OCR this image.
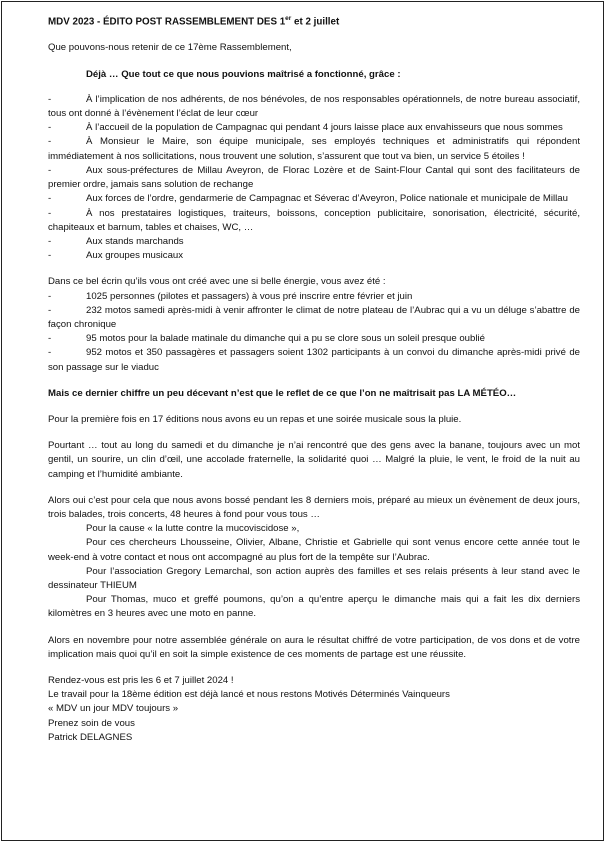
MDV 2023 - ÉDITO POST RASSEMBLEMENT DES 1er et 2 juillet

Que pouvons-nous retenir de ce 17ème Rassemblement,

Déjà … Que tout ce que nous pouvions maîtrisé a fonctionné, grâce :

-	À l’implication de nos adhérents, de nos bénévoles, de nos responsables opérationnels, de notre bureau associatif, tous ont donné à l’évènement l’éclat de leur cœur

-	À l’accueil de la population de Campagnac qui pendant 4 jours laisse place aux envahisseurs que nous sommes

-	À Monsieur le Maire, son équipe municipale, ses employés techniques et administratifs qui répondent immédiatement à nos sollicitations, nous trouvent une solution, s’assurent que tout va bien, un service 5 étoiles !

-	Aux sous-préfectures de Millau Aveyron, de Florac Lozère et de Saint-Flour Cantal qui sont des facilitateurs de premier ordre, jamais sans solution de rechange

-	Aux forces de l’ordre, gendarmerie de Campagnac et Séverac d’Aveyron, Police nationale et municipale de Millau

-	À nos prestataires logistiques, traiteurs, boissons, conception publicitaire, sonorisation, électricité, sécurité, chapiteaux et barnum, tables et chaises, WC, …

-	Aux stands marchands

-	Aux groupes musicaux

Dans ce bel écrin qu’ils vous ont créé avec une si belle énergie, vous avez été :

-	1025 personnes (pilotes et passagers) à vous pré inscrire entre février et juin

-	232 motos samedi après-midi à venir affronter le climat de notre plateau de l’Aubrac qui a vu un déluge s’abattre de façon chronique

-	95 motos pour la balade matinale du dimanche qui a pu se clore sous un soleil presque oublié

-	952 motos et 350 passagères et passagers soient 1302 participants à un convoi du dimanche après-midi privé de son passage sur le viaduc

Mais ce dernier chiffre un peu décevant n’est que le reflet de ce que l’on ne maîtrisait pas LA MÉTÉO…

Pour la première fois en 17 éditions nous avons eu un repas et une soirée musicale sous la pluie.

Pourtant … tout au long du samedi et du dimanche je n’ai rencontré que des gens avec la banane, toujours avec un mot gentil, un sourire, un clin d’œil, une accolade fraternelle, la solidarité quoi … Malgré la pluie, le vent, le froid de la nuit au camping et l’humidité ambiante.

Alors oui c’est pour cela que nous avons bossé pendant les 8 derniers mois, préparé au mieux un évènement de deux jours, trois balades, trois concerts, 48 heures à fond pour vous tous …

Pour la cause « la lutte contre la mucoviscidose »,

Pour ces chercheurs Lhousseine, Olivier, Albane, Christie et Gabrielle qui sont venus encore cette année tout le week-end à votre contact et nous ont accompagné au plus fort de la tempête sur l’Aubrac.

Pour l’association Gregory Lemarchal, son action auprès des familles et ses relais présents à leur stand avec le dessinateur THIEUM

Pour Thomas, muco et greffé poumons, qu’on a qu’entre aperçu le dimanche mais qui a fait les dix derniers kilomètres en 3 heures avec une moto en panne.

Alors en novembre pour notre assemblée générale on aura le résultat chiffré de votre participation, de vos dons et de votre implication mais quoi qu’il en soit la simple existence de ces moments de partage est une réussite.

Rendez-vous est pris les 6 et 7 juillet 2024 !

Le travail pour la 18ème édition est déjà lancé et nous restons Motivés Déterminés Vainqueurs

« MDV un jour MDV toujours »

Prenez soin de vous

Patrick DELAGNES
